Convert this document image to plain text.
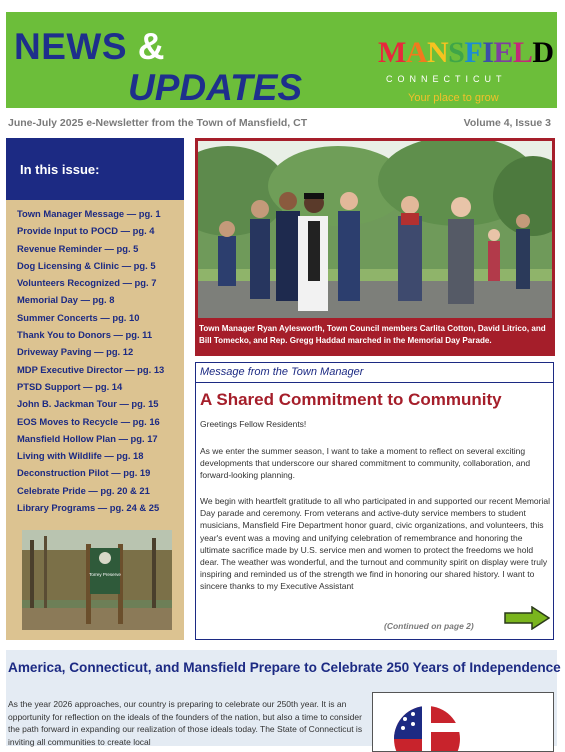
NEWS &
UPDATES
MANSFIELD
CONNECTICUT
Your place to grow
June-July 2025 e-Newsletter from the Town of Mansfield, CT	Volume 4, Issue 3
In this issue:
Town Manager Message — pg. 1
Provide Input to POCD — pg. 4
Revenue Reminder — pg. 5
Dog Licensing & Clinic — pg. 5
Volunteers Recognized — pg. 7
Memorial Day — pg. 8
Summer Concerts — pg. 10
Thank You to Donors — pg. 11
Driveway Paving — pg. 12
MDP Executive Director — pg. 13
PTSD Support — pg. 14
John B. Jackman Tour — pg. 15
EOS Moves to Recycle — pg. 16
Mansfield Hollow Plan — pg. 17
Living with Wildlife — pg. 18
Deconstruction Pilot — pg. 19
Celebrate Pride — pg. 20 & 21
Library Programs — pg. 24 & 25
Torrey Preserve
Town Manager Ryan Aylesworth, Town Council members Carlita Cotton, David Litrico, and Bill Tomecko, and Rep. Gregg Haddad marched in the Memorial Day Parade.
Message from the Town Manager
A Shared Commitment to Community
Greetings Fellow Residents!

As we enter the summer season, I want to take a moment to reflect on several exciting developments that underscore our shared commitment to community, collaboration, and forward-looking planning.

We begin with heartfelt gratitude to all who participated in and supported our recent Memorial Day parade and ceremony. From veterans and active-duty service members to student musicians, Mansfield Fire Department honor guard, civic organizations, and volunteers, this year's event was a moving and unifying celebration of remembrance and honoring the ultimate sacrifice made by U.S. service men and women to protect the freedoms we hold dear. The weather was wonderful, and the turnout and community spirit on display were truly inspiring and reminded us of the strength we find in honoring our shared history. I want to sincere thanks to my Executive Assistant

(Continued on page 2)
America, Connecticut, and Mansfield Prepare to Celebrate 250 Years of Independence

As the year 2026 approaches, our country is preparing to celebrate our 250th year. It is an opportunity for reflection on the ideals of the founders of the nation, but also a time to consider the path forward in expanding our realization of those ideals today. The State of Connecticut is inviting all communities to create local
